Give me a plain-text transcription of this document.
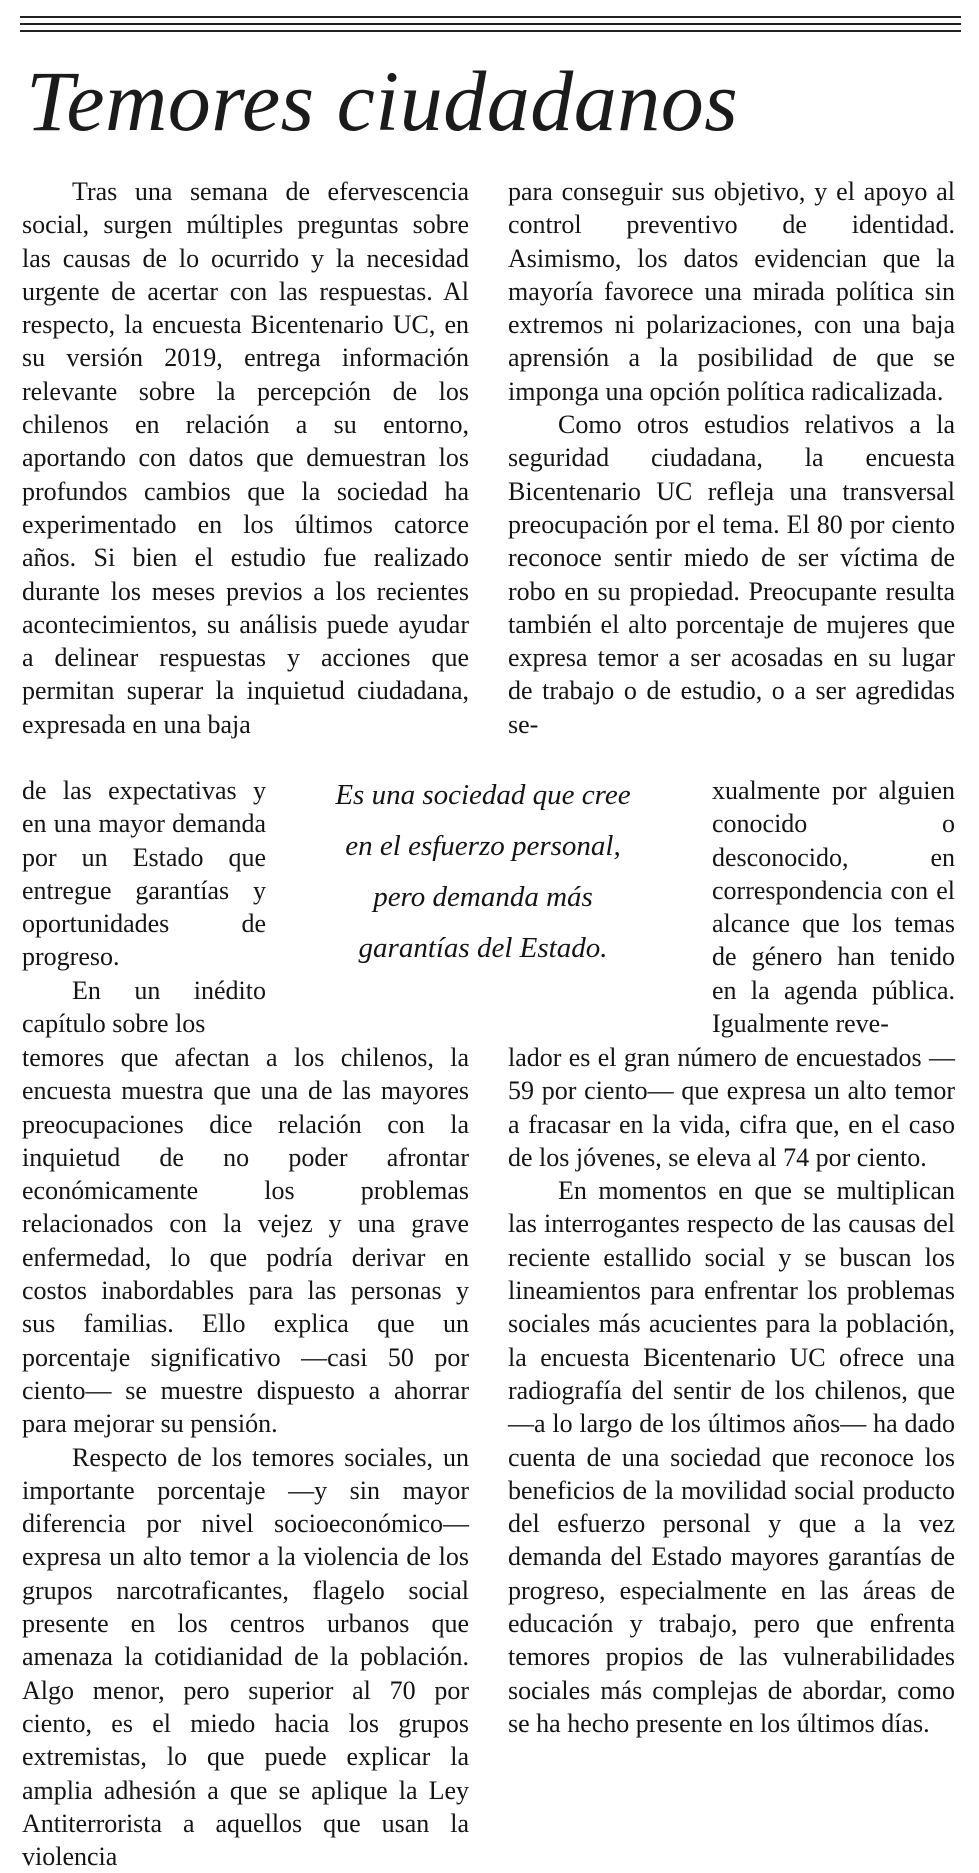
Temores ciudadanos

Tras una semana de efervescencia social, surgen múltiples preguntas sobre las causas de lo ocurrido y la necesidad urgente de acertar con las respuestas. Al respecto, la encuesta Bicentenario UC, en su versión 2019, entrega información relevante sobre la percepción de los chilenos en relación a su entorno, aportando con datos que demuestran los profundos cambios que la sociedad ha experimentado en los últimos catorce años. Si bien el estudio fue realizado durante los meses previos a los recientes acontecimientos, su análisis puede ayudar a delinear respuestas y acciones que permitan superar la inquietud ciudadana, expresada en una baja

de las expectativas y en una mayor demanda por un Estado que entregue garantías y oportunidades de progreso.

En un inédito capítulo sobre los

temores que afectan a los chilenos, la encuesta muestra que una de las mayores preocupaciones dice relación con la inquietud de no poder afrontar económicamente los problemas relacionados con la vejez y una grave enfermedad, lo que podría derivar en costos inabordables para las personas y sus familias. Ello explica que un porcentaje significativo —casi 50 por ciento— se muestre dispuesto a ahorrar para mejorar su pensión.

Respecto de los temores sociales, un importante porcentaje —y sin mayor diferencia por nivel socioeconómico— expresa un alto temor a la violencia de los grupos narcotraficantes, flagelo social presente en los centros urbanos que amenaza la cotidianidad de la población. Algo menor, pero superior al 70 por ciento, es el miedo hacia los grupos extremistas, lo que puede explicar la amplia adhesión a que se aplique la Ley Antiterrorista a aquellos que usan la violencia

para conseguir sus objetivo, y el apoyo al control preventivo de identidad. Asimismo, los datos evidencian que la mayoría favorece una mirada política sin extremos ni polarizaciones, con una baja aprensión a la posibilidad de que se imponga una opción política radicalizada.

Como otros estudios relativos a la seguridad ciudadana, la encuesta Bicentenario UC refleja una transversal preocupación por el tema. El 80 por ciento reconoce sentir miedo de ser víctima de robo en su propiedad. Preocupante resulta también el alto porcentaje de mujeres que expresa temor a ser acosadas en su lugar de trabajo o de estudio, o a ser agredidas se-

xualmente por alguien conocido o desconocido, en correspondencia con el alcance que los temas de género han tenido en la agenda pública. Igualmente reve-

lador es el gran número de encuestados —59 por ciento— que expresa un alto temor a fracasar en la vida, cifra que, en el caso de los jóvenes, se eleva al 74 por ciento.

En momentos en que se multiplican las interrogantes respecto de las causas del reciente estallido social y se buscan los lineamientos para enfrentar los problemas sociales más acucientes para la población, la encuesta Bicentenario UC ofrece una radiografía del sentir de los chilenos, que —a lo largo de los últimos años— ha dado cuenta de una sociedad que reconoce los beneficios de la movilidad social producto del esfuerzo personal y que a la vez demanda del Estado mayores garantías de progreso, especialmente en las áreas de educación y trabajo, pero que enfrenta temores propios de las vulnerabilidades sociales más complejas de abordar, como se ha hecho presente en los últimos días.

Es una sociedad que cree
en el esfuerzo personal,
pero demanda más
garantías del Estado.
